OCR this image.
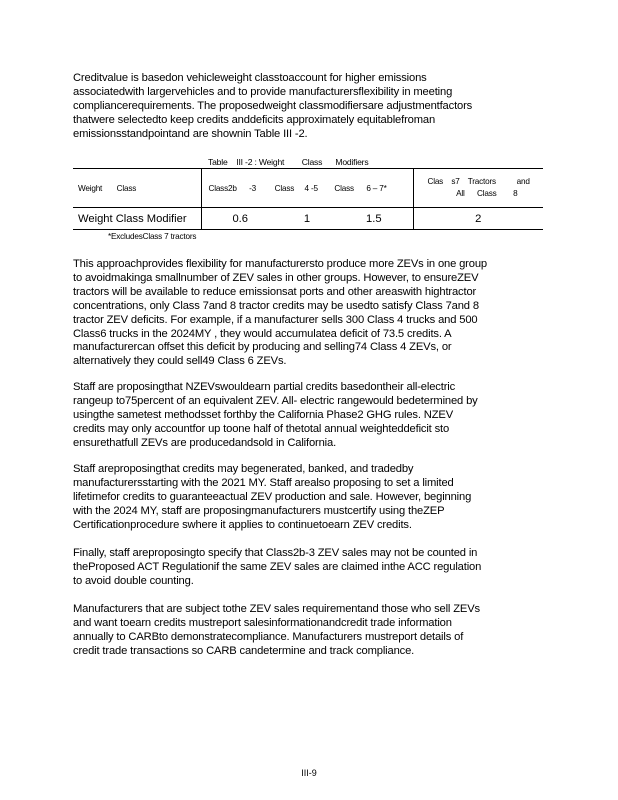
Creditvalue is basedon vehicleweight classtoaccount for higher emissions
associatedwith largervehicles and to provide manufacturersflexibility in meeting
compliancerequirements. The proposedweight classmodifiersare adjustmentfactors
thatwere selectedto keep credits anddeficits approximately equitablefroman
emissionsstandpointand are shownin Table III -2.

Table    III -2 : Weight        Class      Modifiers
Weight       Class	Class2b      -3         Class     4 -5        Class      6 – 7*	Clas    s7    Tractors          and
All      Class        8
Weight Class Modifier	0.6 1 1.5	2
*ExcludesClass 7 tractors

This approachprovides flexibility for manufacturersto produce more ZEVs in one group
to avoidmakinga smallnumber of ZEV sales in other groups. However, to ensureZEV
tractors will be available to reduce emissionsat ports and other areaswith hightractor
concentrations, only Class 7and 8 tractor credits may be usedto satisfy Class 7and 8
tractor ZEV deficits. For example, if a manufacturer sells 300 Class 4 trucks and 500
Class6 trucks in the 2024MY , they would accumulatea deficit of 73.5 credits. A
manufacturercan offset this deficit by producing and selling74 Class 4 ZEVs, or
alternatively they could sell49 Class 6 ZEVs.

Staff are proposingthat NZEVswouldearn partial credits basedontheir all-electric
rangeup to75percent of an equivalent ZEV. All- electric rangewould bedetermined by
usingthe sametest methodsset forthby the California Phase2 GHG rules. NZEV
credits may only accountfor up toone half of thetotal annual weighteddeficit sto
ensurethatfull ZEVs are producedandsold in California.

Staff areproposingthat credits may begenerated, banked, and tradedby
manufacturersstarting with the 2021 MY. Staff arealso proposing to set a limited
lifetimefor credits to guaranteeactual ZEV production and sale. However, beginning
with the 2024 MY, staff are proposingmanufacturers mustcertify using theZEP
Certificationprocedure swhere it applies to continuetoearn ZEV credits.

Finally, staff areproposingto specify that Class2b-3 ZEV sales may not be counted in
theProposed ACT Regulationif the same ZEV sales are claimed inthe ACC regulation
to avoid double counting.

Manufacturers that are subject tothe ZEV sales requirementand those who sell ZEVs
and want toearn credits mustreport salesinformationandcredit trade information
annually to CARBto demonstratecompliance. Manufacturers mustreport details of
credit trade transactions so CARB candetermine and track compliance.

III-9
